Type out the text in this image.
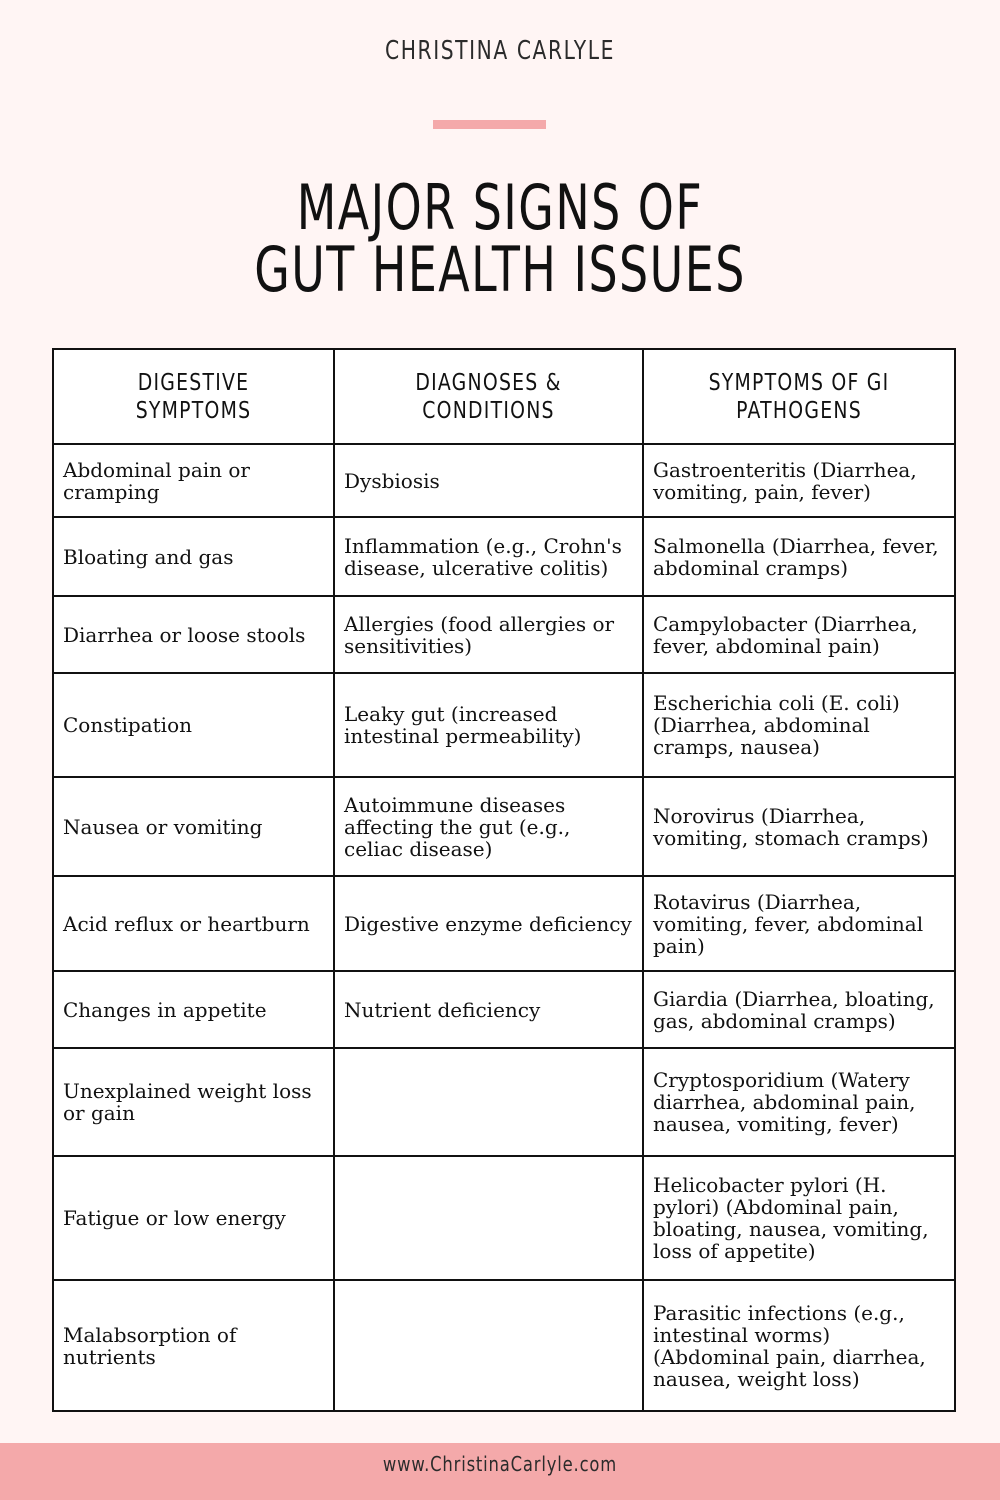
CHRISTINA CARLYLE
MAJOR SIGNS OF
GUT HEALTH ISSUES
DIGESTIVE SYMPTOMS	DIAGNOSES & CONDITIONS	SYMPTOMS OF GI PATHOGENS
Abdominal pain or cramping	Dysbiosis	Gastroenteritis (Diarrhea, vomiting, pain, fever)
Bloating and gas	Inflammation (e.g., Crohn's disease, ulcerative colitis)	Salmonella (Diarrhea, fever, abdominal cramps)
Diarrhea or loose stools	Allergies (food allergies or sensitivities)	Campylobacter (Diarrhea, fever, abdominal pain)
Constipation	Leaky gut (increased intestinal permeability)	Escherichia coli (E. coli) (Diarrhea, abdominal cramps, nausea)
Nausea or vomiting	Autoimmune diseases affecting the gut (e.g., celiac disease)	Norovirus (Diarrhea, vomiting, stomach cramps)
Acid reflux or heartburn	Digestive enzyme deficiency	Rotavirus (Diarrhea, vomiting, fever, abdominal pain)
Changes in appetite	Nutrient deficiency	Giardia (Diarrhea, bloating, gas, abdominal cramps)
Unexplained weight loss or gain		Cryptosporidium (Watery diarrhea, abdominal pain, nausea, vomiting, fever)
Fatigue or low energy		Helicobacter pylori (H. pylori) (Abdominal pain, bloating, nausea, vomiting, loss of appetite)
Malabsorption of nutrients		Parasitic infections (e.g., intestinal worms) (Abdominal pain, diarrhea, nausea, weight loss)
www.ChristinaCarlyle.com
